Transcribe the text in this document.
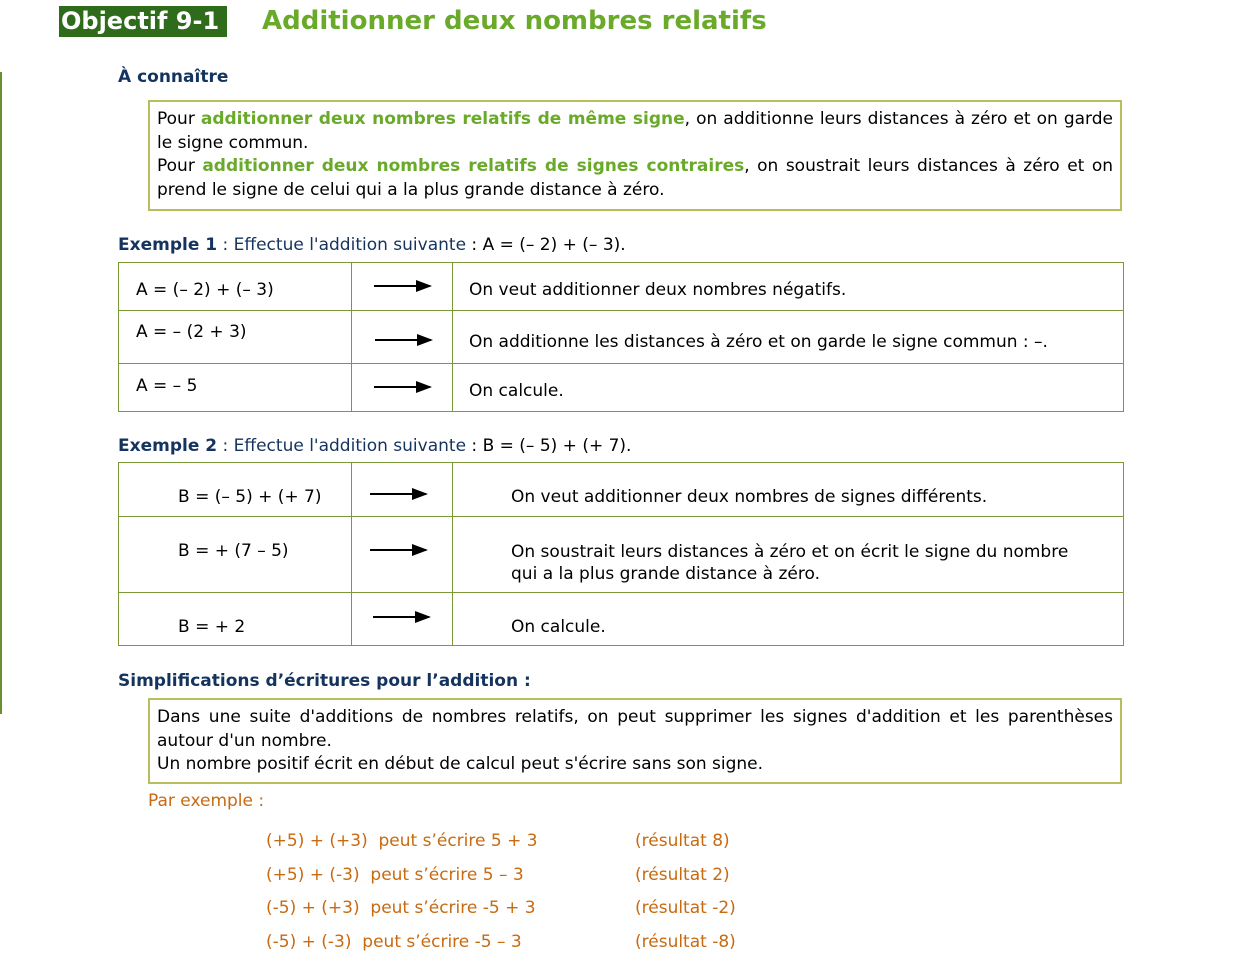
Objectif 9-1	Additionner deux nombres relatifs
À connaître

Pour additionner deux nombres relatifs de même signe, on additionne leurs distances à zéro et on garde le signe commun.

Pour additionner deux nombres relatifs de signes contraires, on soustrait leurs distances à zéro et on prend le signe de celui qui a la plus grande distance à zéro.

Exemple 1 : Effectue l'addition suivante : A = (– 2) + (– 3).
A = (– 2) + (– 3)		On veut additionner deux nombres négatifs.

A = – (2 + 3)		On additionne les distances à zéro et on garde le signe commun : –.

A = – 5		On calcule.
Exemple 2 : Effectue l'addition suivante : B = (– 5) + (+ 7).
B = (– 5) + (+ 7)		On veut additionner deux nombres de signes différents.

B = + (7 – 5)		On soustrait leurs distances à zéro et on écrit le signe du nombre qui a la plus grande distance à zéro.

B = + 2		On calcule.
Simplifications d’écritures pour l’addition :

Dans une suite d'additions de nombres relatifs, on peut supprimer les signes d'addition et les parenthèses autour d'un nombre.

Un nombre positif écrit en début de calcul peut s'écrire sans son signe.

Par exemple :
(+5) + (+3)  peut s’écrire 5 + 3	(résultat 8)
(+5) + (-3)  peut s’écrire 5 – 3	(résultat 2)
(-5) + (+3)  peut s’écrire -5 + 3	(résultat -2)
(-5) + (-3)  peut s’écrire -5 – 3	(résultat -8)
